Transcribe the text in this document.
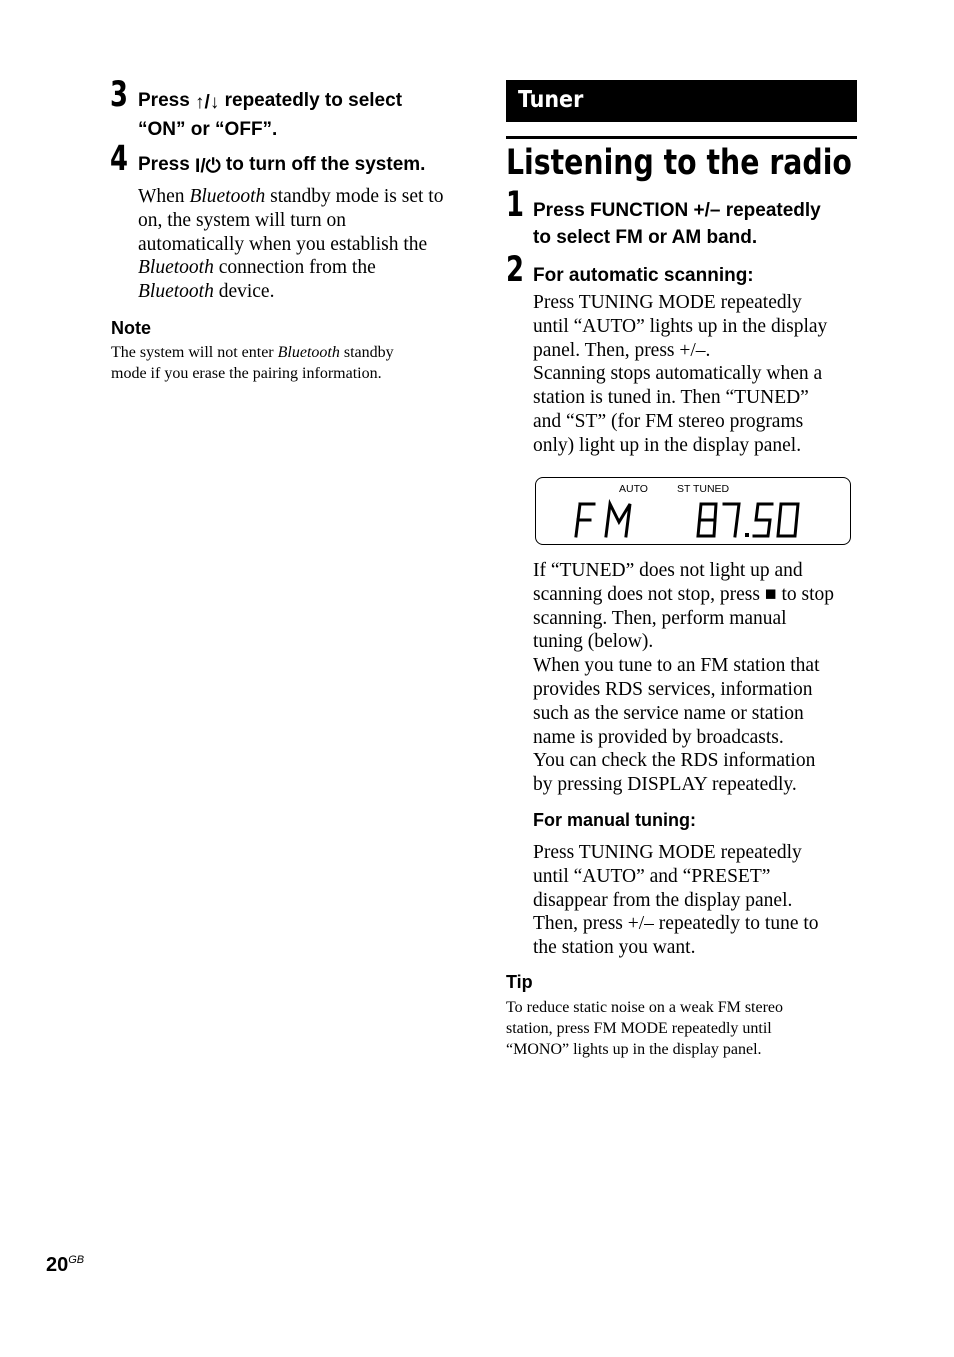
3 Press ↑/↓ repeatedly to select
“ON” or “OFF”.
4 Press I/⏻ to turn off the system.
When Bluetooth standby mode is set to
on, the system will turn on
automatically when you establish the
Bluetooth connection from the
Bluetooth device.
Note
The system will not enter Bluetooth standby
mode if you erase the pairing information.
Tuner
Listening to the radio
1 Press FUNCTION +/– repeatedly
to select FM or AM band.
2 For automatic scanning:
Press TUNING MODE repeatedly
until “AUTO” lights up in the display
panel. Then, press +/–.
Scanning stops automatically when a
station is tuned in. Then “TUNED”
and “ST” (for FM stereo programs
only) light up in the display panel.
AUTO	ST TUNED
If “TUNED” does not light up and
scanning does not stop, press ■ to stop
scanning. Then, perform manual
tuning (below).
When you tune to an FM station that
provides RDS services, information
such as the service name or station
name is provided by broadcasts.
You can check the RDS information
by pressing DISPLAY repeatedly.
For manual tuning:
Press TUNING MODE repeatedly
until “AUTO” and “PRESET”
disappear from the display panel.
Then, press +/– repeatedly to tune to
the station you want.
Tip
To reduce static noise on a weak FM stereo
station, press FM MODE repeatedly until
“MONO” lights up in the display panel.
$20^{GB}$
